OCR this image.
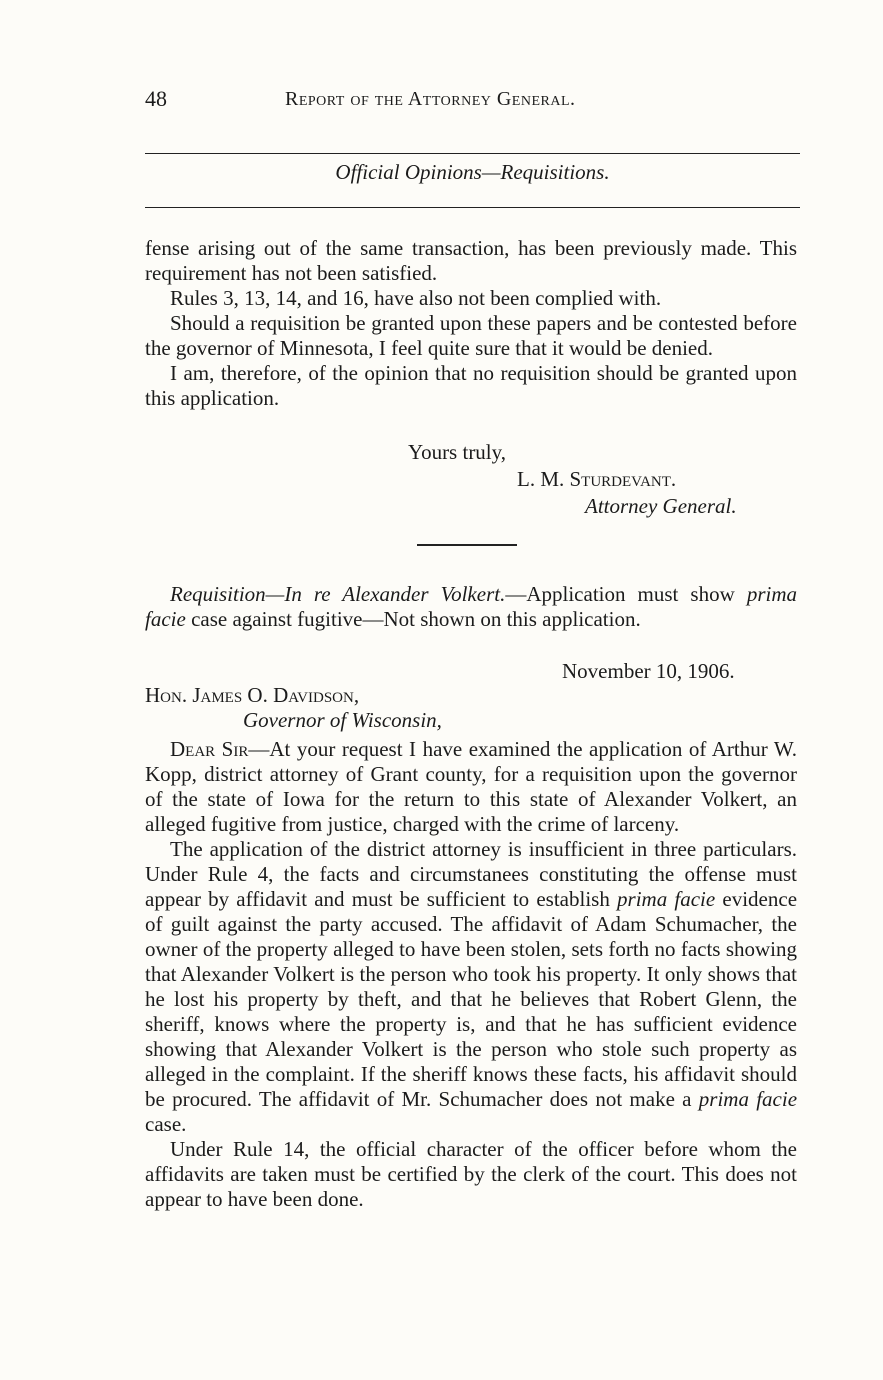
48	Report of the Attorney General.
Official Opinions—Requisitions.

fense arising out of the same transaction, has been previously made. This requirement has not been satisfied.

Rules 3, 13, 14, and 16, have also not been complied with.

Should a requisition be granted upon these papers and be contested before the governor of Minnesota, I feel quite sure that it would be denied.

I am, therefore, of the opinion that no requisition should be granted upon this application.

Yours truly,
L. M. Sturdevant.
Attorney General.

Requisition—In re Alexander Volkert.—Application must show prima facie case against fugitive—Not shown on this application.

November 10, 1906.
Hon. James O. Davidson,
Governor of Wisconsin,

Dear Sir—At your request I have examined the application of Arthur W. Kopp, district attorney of Grant county, for a requisition upon the governor of the state of Iowa for the return to this state of Alexander Volkert, an alleged fugitive from justice, charged with the crime of larceny.

The application of the district attorney is insufficient in three particulars. Under Rule 4, the facts and circumstanees constituting the offense must appear by affidavit and must be sufficient to establish prima facie evidence of guilt against the party accused. The affidavit of Adam Schumacher, the owner of the property alleged to have been stolen, sets forth no facts showing that Alexander Volkert is the person who took his property. It only shows that he lost his property by theft, and that he believes that Robert Glenn, the sheriff, knows where the property is, and that he has sufficient evidence showing that Alexander Volkert is the person who stole such property as alleged in the complaint. If the sheriff knows these facts, his affidavit should be procured. The affidavit of Mr. Schumacher does not make a prima facie case.

Under Rule 14, the official character of the officer before whom the affidavits are taken must be certified by the clerk of the court. This does not appear to have been done.
